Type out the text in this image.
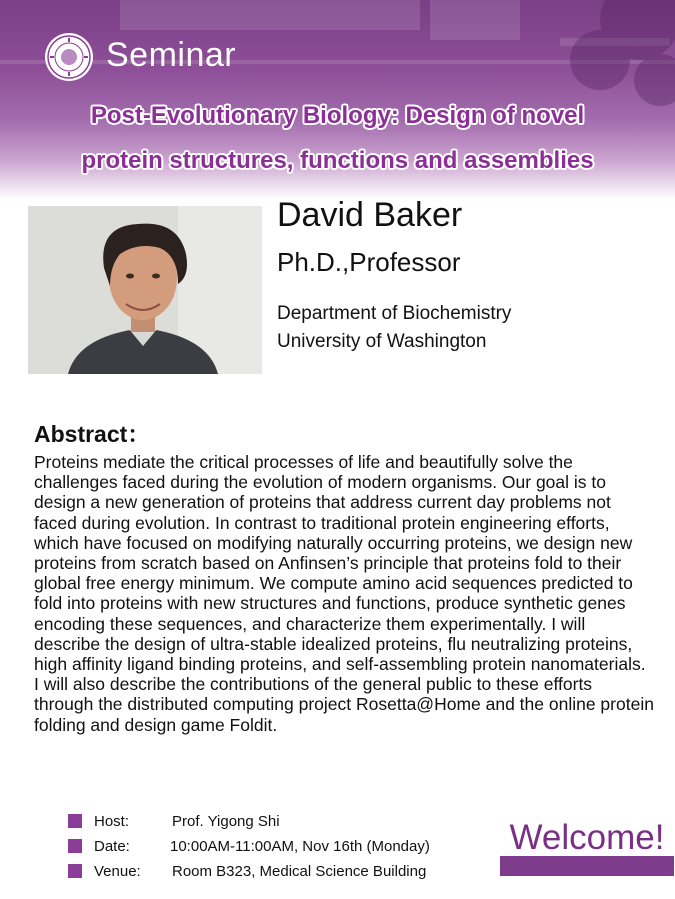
Seminar
Post-Evolutionary Biology: Design of novel
protein structures, functions and assemblies
David Baker
Ph.D.,Professor
Department of Biochemistry
University of Washington
Abstract：
Proteins mediate the critical processes of life and beautifully solve the challenges faced during the evolution of modern organisms. Our goal is to design a new generation of proteins that address current day problems not faced during evolution. In contrast to traditional protein engineering efforts, which have focused on modifying naturally occurring proteins, we design new proteins from scratch based on Anfinsen’s principle that proteins fold to their global free energy minimum. We compute amino acid sequences predicted to fold into proteins with new structures and functions, produce synthetic genes encoding these sequences, and characterize them experimentally. I will describe the design of ultra-stable idealized proteins, flu neutralizing proteins, high affinity ligand binding proteins, and self-assembling protein nanomaterials. I will also describe the contributions of the general public to these efforts through the distributed computing project Rosetta@Home and the online protein folding and design game Foldit.
Host:	Prof. Yigong Shi
Date:	10:00AM-11:00AM, Nov 16th (Monday)
Venue: Room B323, Medical Science Building
Welcome!
